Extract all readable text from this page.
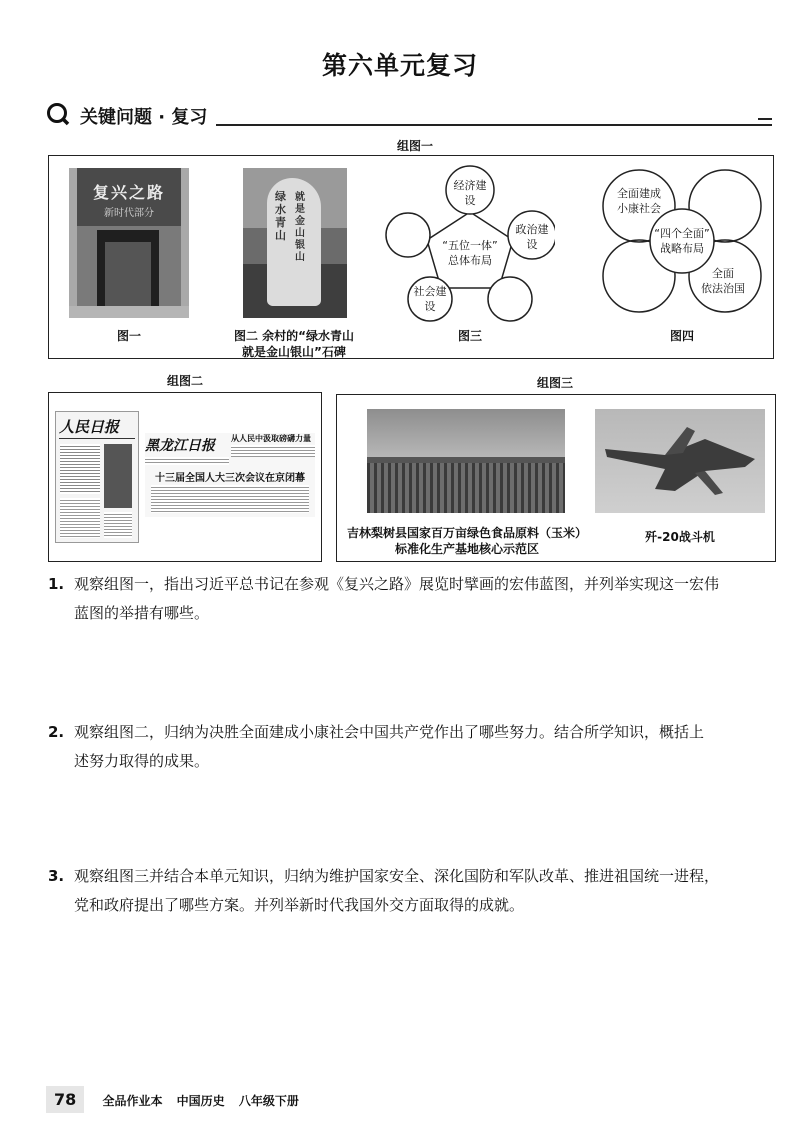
第六单元复习
关键问题 · 复习
组图一
复兴之路
新时代部分
图一
绿水青山
就是金山银山
图二 余村的“绿水青山
就是金山银山”石碑
经济建设
政治建设
社会建设
“五位一体”
总体布局
图三
全面建成
小康社会
“四个全面”
战略布局
全面
依法治国
图四
组图二
人民日报
黑龙江日报 从人民中汲取磅礴力量
十三届全国人大三次会议在京闭幕
组图三
吉林梨树县国家百万亩绿色食品原料（玉米）
标准化生产基地核心示范区
歼-20战斗机
1. 观察组图一，指出习近平总书记在参观《复兴之路》展览时擘画的宏伟蓝图，并列举实现这一宏伟
蓝图的举措有哪些。
2. 观察组图二，归纳为决胜全面建成小康社会中国共产党作出了哪些努力。结合所学知识，概括上
述努力取得的成果。
3. 观察组图三并结合本单元知识，归纳为维护国家安全、深化国防和军队改革、推进祖国统一进程，
党和政府提出了哪些方案。并列举新时代我国外交方面取得的成就。
78 全品作业本 中国历史 八年级下册
